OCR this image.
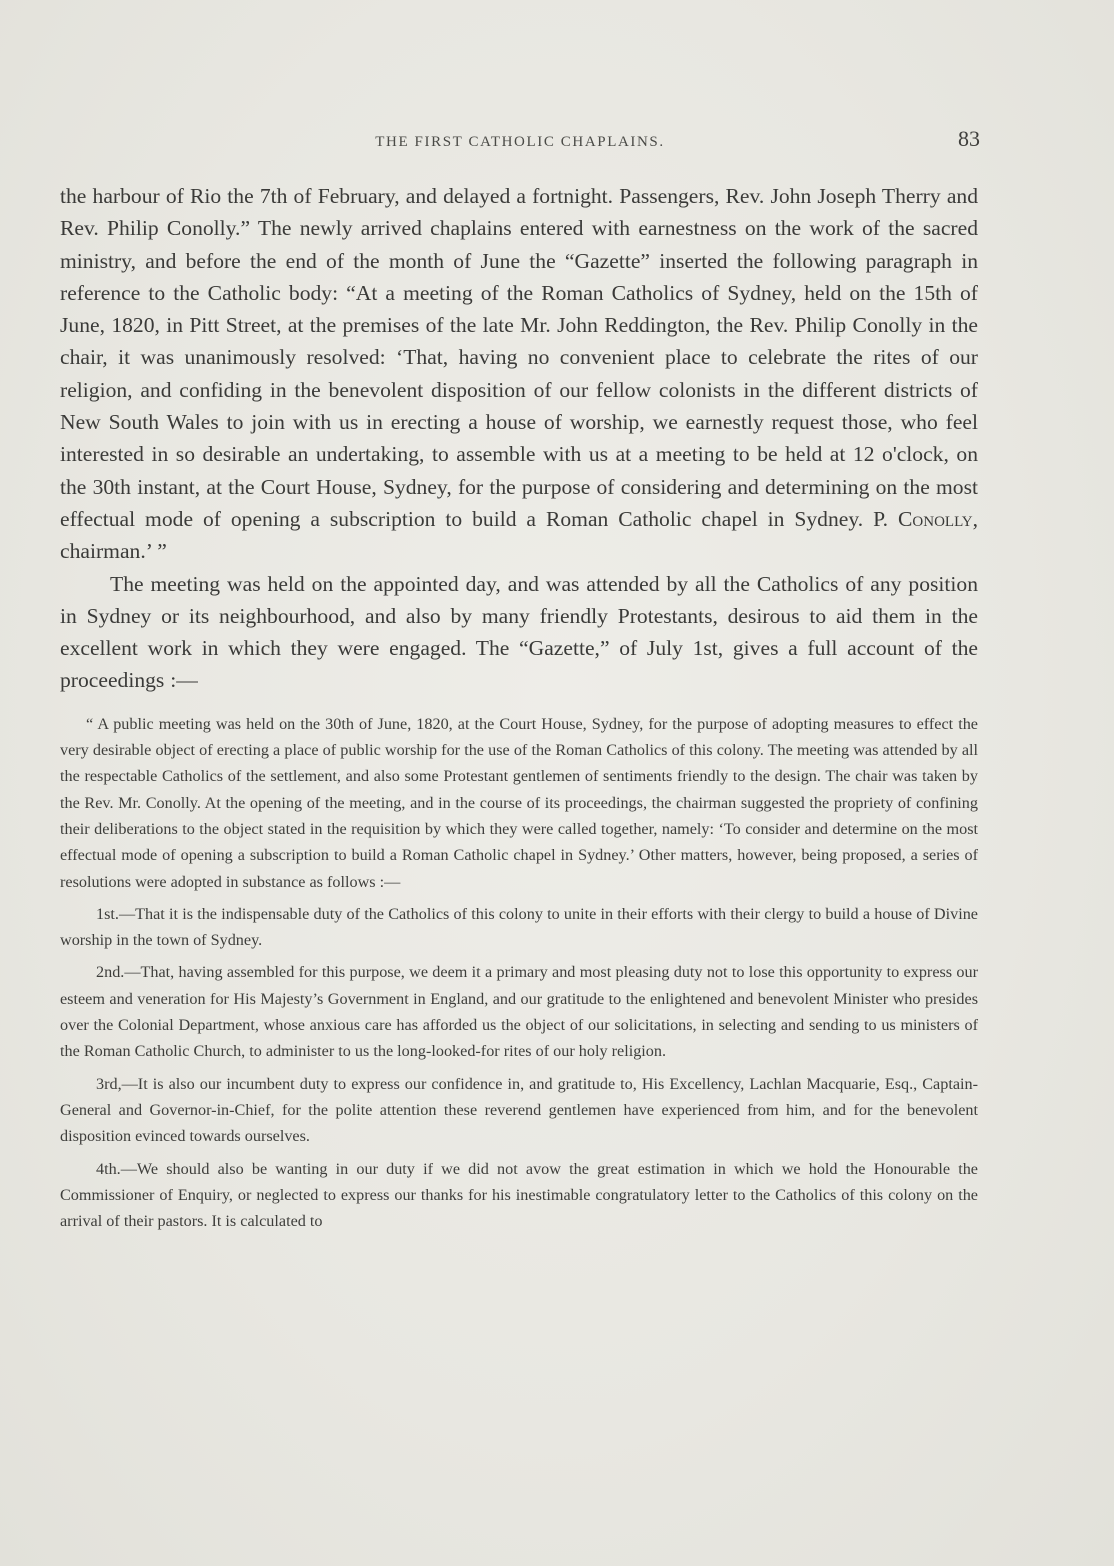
THE FIRST CATHOLIC CHAPLAINS.	83

the harbour of Rio the 7th of February, and delayed a fortnight. Passengers, Rev. John Joseph Therry and Rev. Philip Conolly.” The newly arrived chaplains entered with earnestness on the work of the sacred ministry, and before the end of the month of June the “Gazette” inserted the following paragraph in reference to the Catholic body: “At a meeting of the Roman Catholics of Sydney, held on the 15th of June, 1820, in Pitt Street, at the premises of the late Mr. John Reddington, the Rev. Philip Conolly in the chair, it was unanimously resolved: ‘That, having no convenient place to celebrate the rites of our religion, and confiding in the benevolent disposition of our fellow colonists in the different districts of New South Wales to join with us in erecting a house of worship, we earnestly request those, who feel interested in so desirable an undertaking, to assemble with us at a meeting to be held at 12 o'clock, on the 30th instant, at the Court House, Sydney, for the purpose of considering and determining on the most effectual mode of opening a subscription to build a Roman Catholic chapel in Sydney. P. Conolly, chairman.’ ”

The meeting was held on the appointed day, and was attended by all the Catholics of any position in Sydney or its neighbourhood, and also by many friendly Protestants, desirous to aid them in the excellent work in which they were engaged. The “Gazette,” of July 1st, gives a full account of the proceedings :—

“ A public meeting was held on the 30th of June, 1820, at the Court House, Sydney, for the purpose of adopting measures to effect the very desirable object of erecting a place of public worship for the use of the Roman Catholics of this colony. The meeting was attended by all the respectable Catholics of the settlement, and also some Protestant gentlemen of sentiments friendly to the design. The chair was taken by the Rev. Mr. Conolly. At the opening of the meeting, and in the course of its proceedings, the chairman suggested the propriety of confining their deliberations to the object stated in the requisition by which they were called together, namely: ‘To consider and determine on the most effectual mode of opening a subscription to build a Roman Catholic chapel in Sydney.’ Other matters, however, being proposed, a series of resolutions were adopted in substance as follows :—

1st.—That it is the indispensable duty of the Catholics of this colony to unite in their efforts with their clergy to build a house of Divine worship in the town of Sydney.

2nd.—That, having assembled for this purpose, we deem it a primary and most pleasing duty not to lose this opportunity to express our esteem and veneration for His Majesty’s Government in England, and our gratitude to the enlightened and benevolent Minister who presides over the Colonial Department, whose anxious care has afforded us the object of our solicitations, in selecting and sending to us ministers of the Roman Catholic Church, to administer to us the long-looked-for rites of our holy religion.

3rd,—It is also our incumbent duty to express our confidence in, and gratitude to, His Excellency, Lachlan Macquarie, Esq., Captain-General and Governor-in-Chief, for the polite attention these reverend gentlemen have experienced from him, and for the benevolent disposition evinced towards ourselves.

4th.—We should also be wanting in our duty if we did not avow the great estimation in which we hold the Honourable the Commissioner of Enquiry, or neglected to express our thanks for his inestimable congratulatory letter to the Catholics of this colony on the arrival of their pastors. It is calculated to
